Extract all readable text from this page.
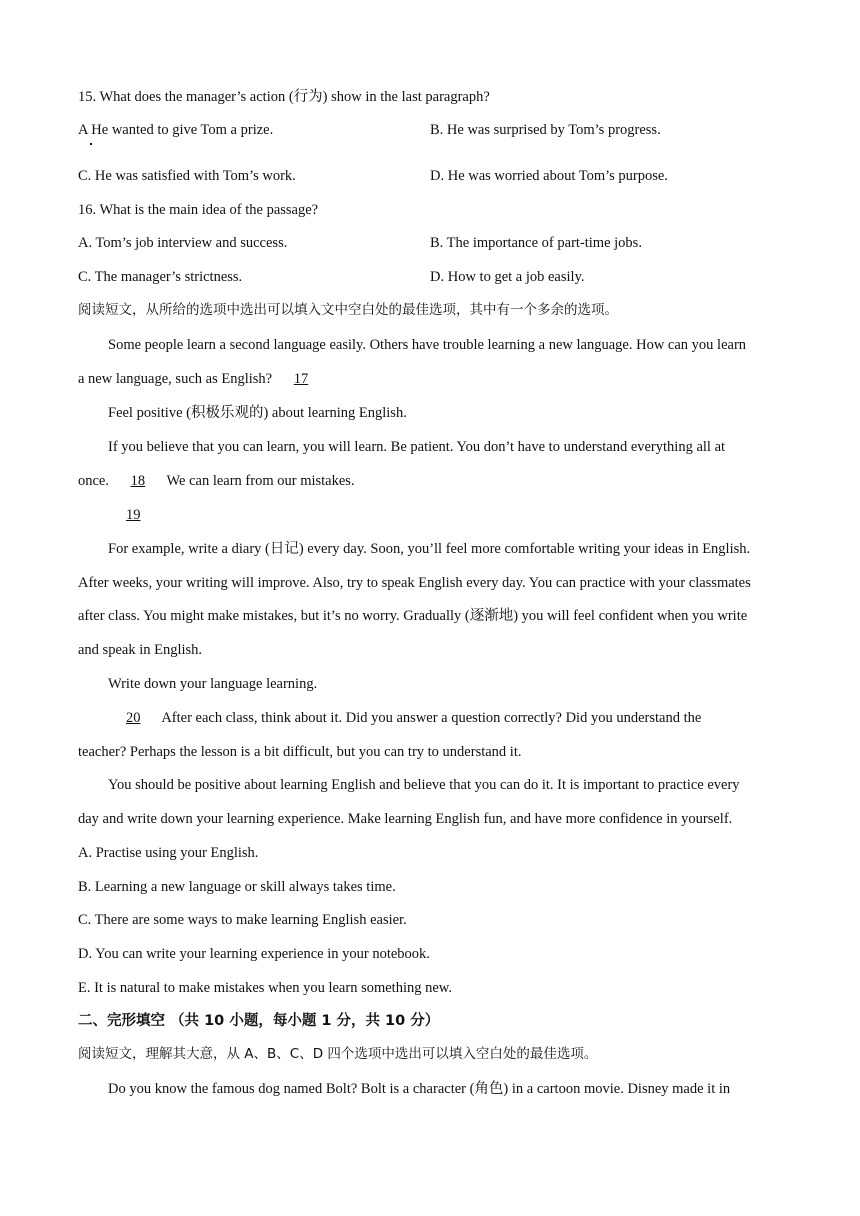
15. What does the manager’s action (行为) show in the last paragraph?
A He wanted to give Tom a prize.	B. He was surprised by Tom’s progress.
C. He was satisfied with Tom’s work.	D. He was worried about Tom’s purpose.
16. What is the main idea of the passage?
A. Tom’s job interview and success.	B. The importance of part-time jobs.
C. The manager’s strictness.	D. How to get a job easily.
阅读短文，从所给的选项中选出可以填入文中空白处的最佳选项，其中有一个多余的选项。
Some people learn a second language easily. Others have trouble learning a new language. How can you learn
a new language, such as English? 17
Feel positive (积极乐观的) about learning English.
If you believe that you can learn, you will learn. Be patient. You don’t have to understand everything all at
once. 18 We can learn from our mistakes.
19
For example, write a diary (日记) every day. Soon, you’ll feel more comfortable writing your ideas in English.
After weeks, your writing will improve. Also, try to speak English every day. You can practice with your classmates
after class. You might make mistakes, but it’s no worry. Gradually (逐渐地) you will feel confident when you write
and speak in English.
Write down your language learning.
20 After each class, think about it. Did you answer a question correctly? Did you understand the
teacher? Perhaps the lesson is a bit difficult, but you can try to understand it.
You should be positive about learning English and believe that you can do it. It is important to practice every
day and write down your learning experience. Make learning English fun, and have more confidence in yourself.
A. Practise using your English.
B. Learning a new language or skill always takes time.
C. There are some ways to make learning English easier.
D. You can write your learning experience in your notebook.
E. It is natural to make mistakes when you learn something new.
二、完形填空 （共 10 小题，每小题 1 分，共 10 分）
阅读短文，理解其大意，从 A、B、C、D 四个选项中选出可以填入空白处的最佳选项。
Do you know the famous dog named Bolt? Bolt is a character (角色) in a cartoon movie. Disney made it in
